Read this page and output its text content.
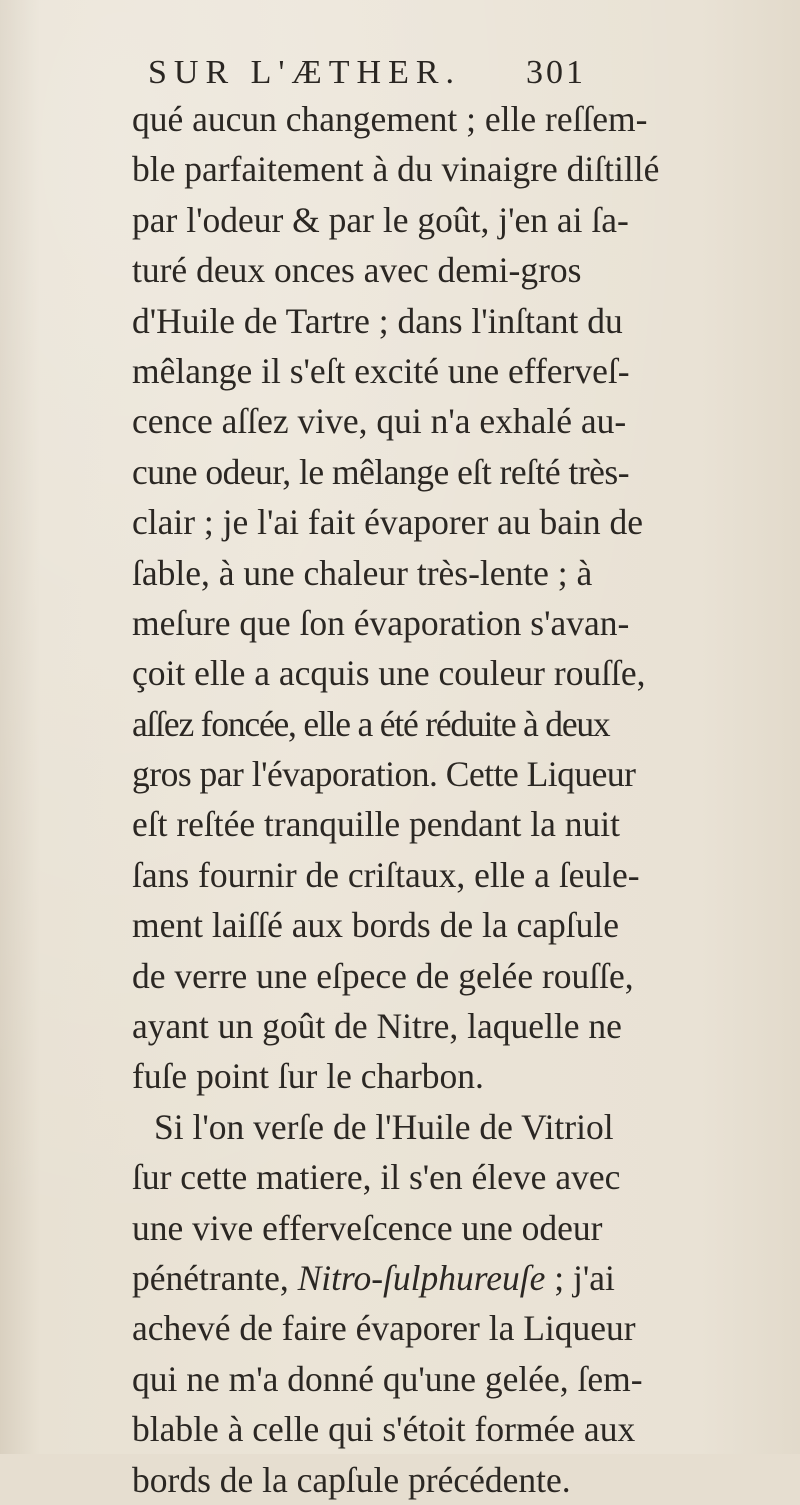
SUR L'ÆTHER. 301
qué aucun changement ; elle reſſem-
ble parfaitement à du vinaigre diſtillé
par l'odeur & par le goût, j'en ai ſa-
turé deux onces avec demi-gros
d'Huile de Tartre ; dans l'inſtant du
mêlange il s'eſt excité une efferveſ-
cence aſſez vive, qui n'a exhalé au-
cune odeur, le mêlange eſt reſté très-
clair ; je l'ai fait évaporer au bain de
ſable, à une chaleur très-lente ; à
meſure que ſon évaporation s'avan-
çoit elle a acquis une couleur rouſſe,
aſſez foncée, elle a été réduite à deux
gros par l'évaporation. Cette Liqueur
eſt reſtée tranquille pendant la nuit
ſans fournir de criſtaux, elle a ſeule-
ment laiſſé aux bords de la capſule
de verre une eſpece de gelée rouſſe,
ayant un goût de Nitre, laquelle ne
fuſe point ſur le charbon.
Si l'on verſe de l'Huile de Vitriol
ſur cette matiere, il s'en éleve avec
une vive efferveſcence une odeur
pénétrante, Nitro-ſulphureuſe ; j'ai
achevé de faire évaporer la Liqueur
qui ne m'a donné qu'une gelée, ſem-
blable à celle qui s'étoit formée aux
bords de la capſule précédente.
